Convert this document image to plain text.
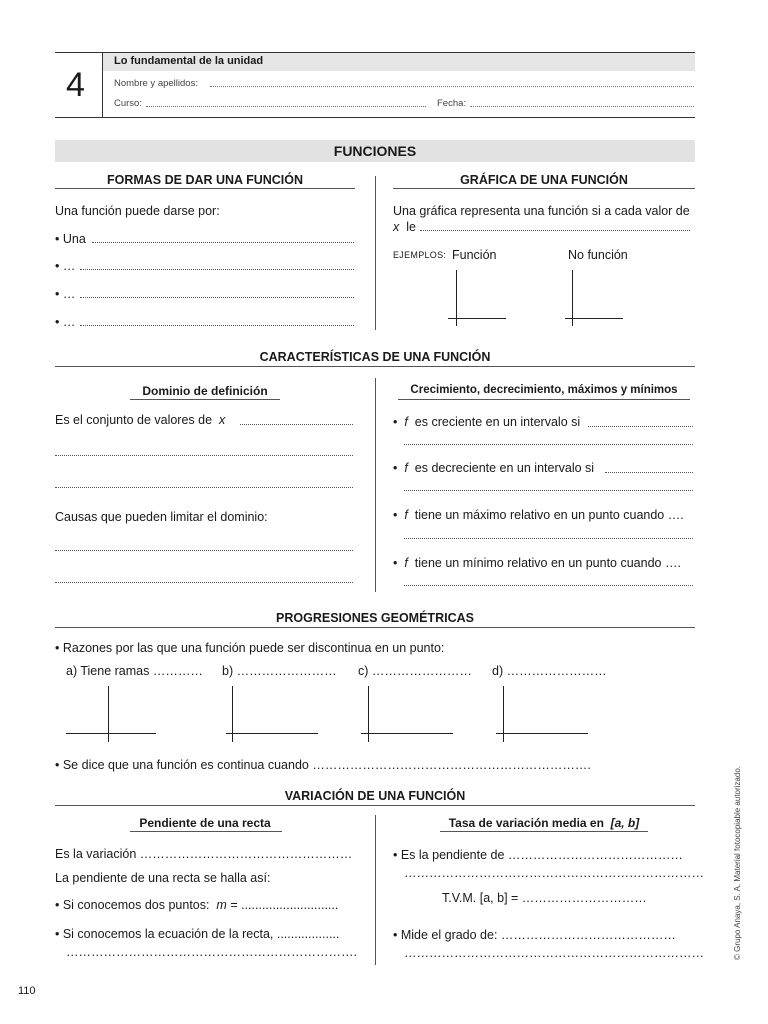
4
Lo fundamental de la unidad
Nombre y apellidos:
Curso:	Fecha:
FUNCIONES
FORMAS DE DAR UNA FUNCIÓN
Una función puede darse por:
• Una
• …
• …
• …
GRÁFICA DE UNA FUNCIÓN
Una gráfica representa una función si a cada valor de
x le
EJEMPLOS: Función	No función
CARACTERÍSTICAS DE UNA FUNCIÓN
Dominio de definición
Es el conjunto de valores de x
Causas que pueden limitar el dominio:
Crecimiento, decrecimiento, máximos y mínimos
• f es creciente en un intervalo si
• f es decreciente en un intervalo si
• f tiene un máximo relativo en un punto cuando ….
• f tiene un mínimo relativo en un punto cuando ….
PROGRESIONES GEOMÉTRICAS
• Razones por las que una función puede ser discontinua en un punto:
a) Tiene ramas ………… b) …………………… c) …………………… d) ……………………
• Se dice que una función es continua cuando ………………………………………………………….
VARIACIÓN DE UNA FUNCIÓN
Pendiente de una recta
Es la variación ……………………………………………
La pendiente de una recta se halla así:
• Si conocemos dos puntos: m = ............................
• Si conocemos la ecuación de la recta, ..................
…………………………………………………………….
Tasa de variación media en [a, b]
• Es la pendiente de ……………………………………
………………………………………………………………
T.V.M. [a, b] = …………………………
• Mide el grado de: ……………………………………
………………………………………………………………	© Grupo Anaya, S. A. Material fotocopiable autorizado.
110
